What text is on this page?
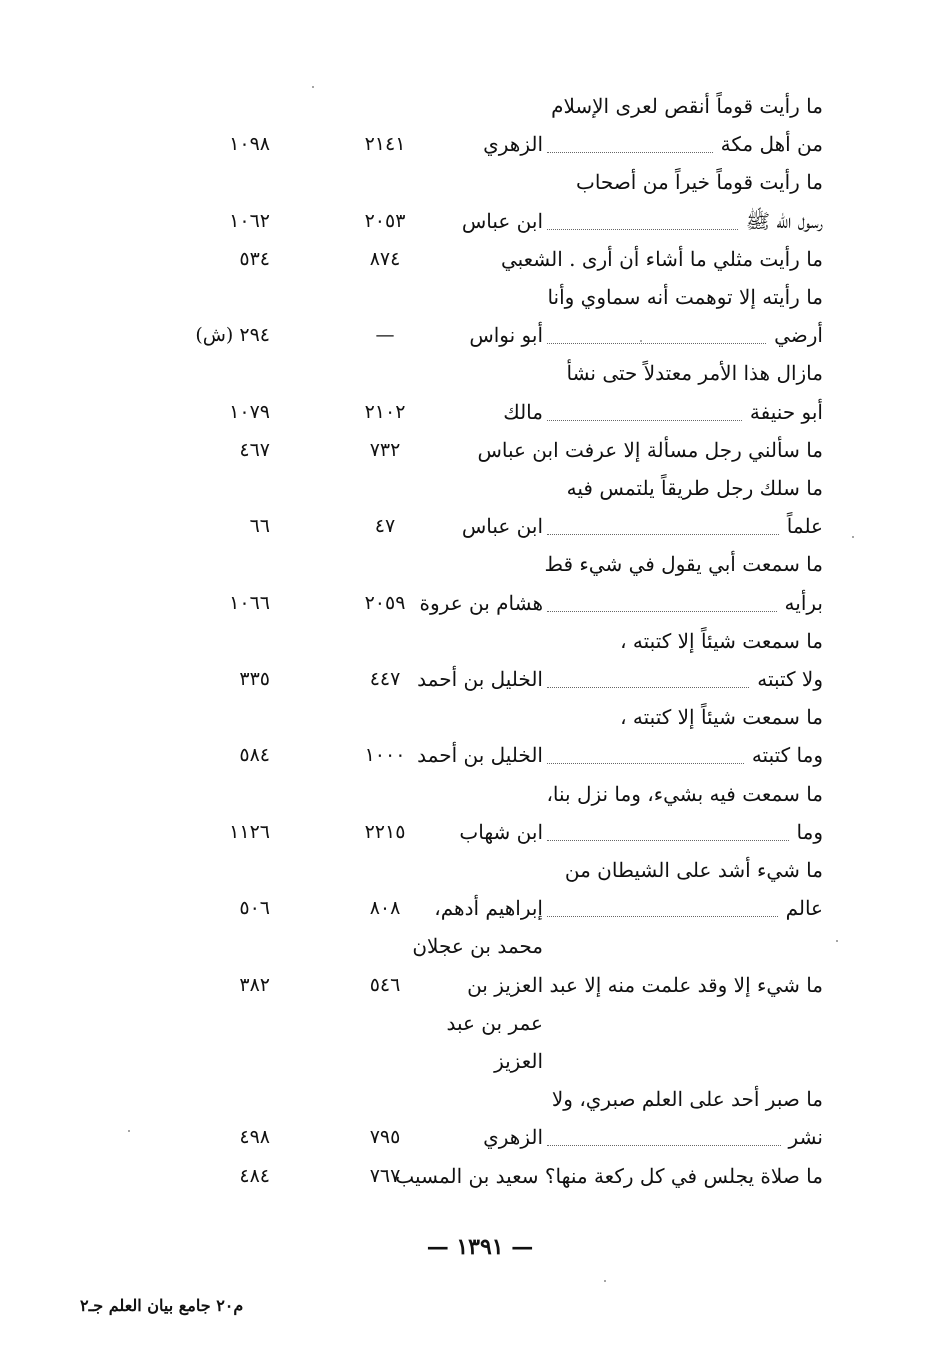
— ١٣٩١ —
م٢٠ جامع بيان العلم جـ٢
ما رأيت قوماً أنقص لعرى الإسلام
من أهل مكة
الزهري
٢١٤١
١٠٩٨
ما رأيت قوماً خيراً من أصحاب
رسول الله ﷺ
ابن عباس
٢٠٥٣
١٠٦٢
ما رأيت مثلي ما أشاء أن أرى . الشعبي
٨٧٤
٥٣٤
ما رأيته إلا توهمت أنه سماوي وأنا
أرضي
أبو نواس
—
٢٩٤ (ش)
مازال هذا الأمر معتدلاً حتى نشأ
أبو حنيفة
مالك
٢١٠٢
١٠٧٩
ما سألني رجل مسألة إلا عرفت ابن عباس
٧٣٢
٤٦٧
ما سلك رجل طريقاً يلتمس فيه
علماً
ابن عباس
٤٧
٦٦
ما سمعت أبي يقول في شيء قط
برأيه
هشام بن عروة
٢٠٥٩
١٠٦٦
ما سمعت شيئاً إلا كتبته ،
ولا كتبته
الخليل بن أحمد
٤٤٧
٣٣٥
ما سمعت شيئاً إلا كتبته ،
وما كتبته
الخليل بن أحمد
١٠٠٠
٥٨٤
ما سمعت فيه بشيء، وما نزل بنا،
وما
ابن شهاب
٢٢١٥
١١٢٦
ما شيء أشد على الشيطان من
عالم
إبراهيم أدهم،
٨٠٨
٥٠٦
محمد بن عجلان
ما شيء إلا وقد علمت منه إلا عبد العزيز بن
٥٤٦
٣٨٢
عمر بن عبد
العزيز
ما صبر أحد على العلم صبري، ولا
نشر
الزهري
٧٩٥
٤٩٨
ما صلاة يجلس في كل ركعة منها؟ سعيد بن المسيب
٧٦٧
٤٨٤
